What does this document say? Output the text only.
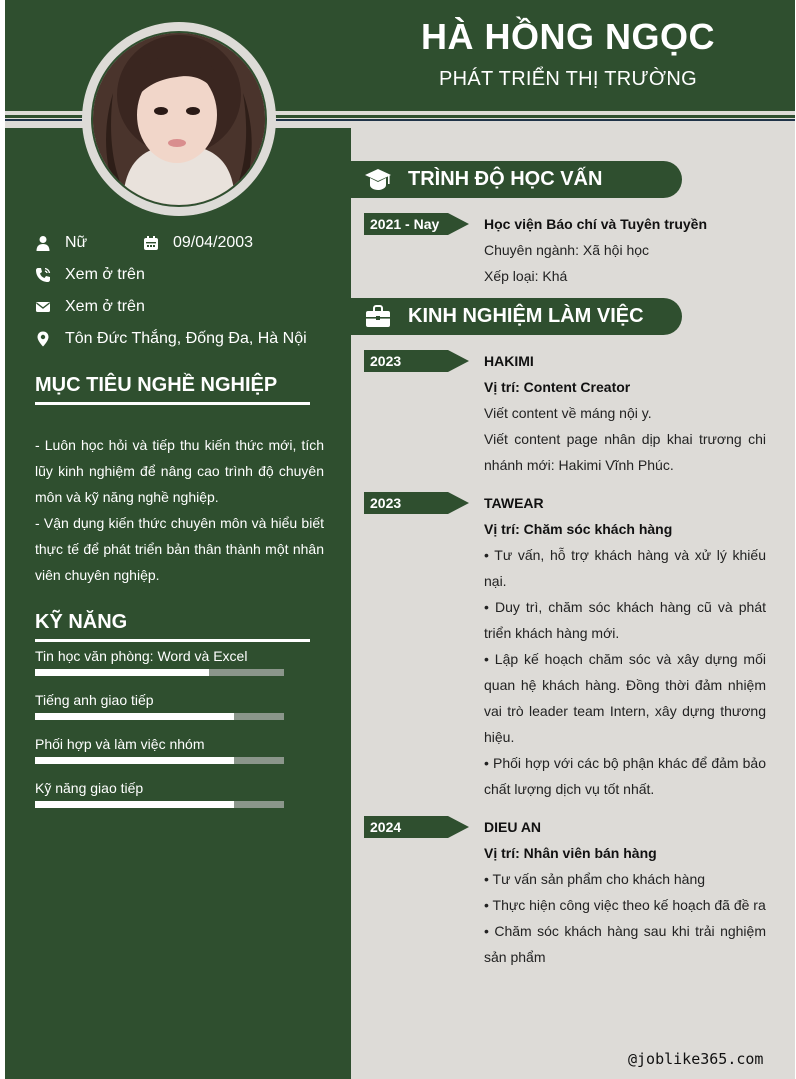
HÀ HỒNG NGỌC
PHÁT TRIỂN THỊ TRƯỜNG
Nữ	09/04/2003
Xem ở trên
Xem ở trên
Tôn Đức Thắng, Đống Đa, Hà Nội
MỤC TIÊU NGHỀ NGHIỆP

- Luôn học hỏi và tiếp thu kiến thức mới, tích lũy kinh nghiệm để nâng cao trình độ chuyên môn và kỹ năng nghề nghiệp.

- Vận dụng kiến thức chuyên môn và hiểu biết thực tế để phát triển bản thân thành một nhân viên chuyên nghiệp.

KỸ NĂNG
Tin học văn phòng: Word và Excel
Tiếng anh giao tiếp
Phối hợp và làm việc nhóm
Kỹ năng giao tiếp
TRÌNH ĐỘ HỌC VẤN
2021 - Nay	Học viện Báo chí và Tuyên truyền

Chuyên ngành: Xã hội học

Xếp loại: Khá

KINH NGHIỆM LÀM VIỆC
2023	HAKIMI
Vị trí: Content Creator

Viết content về máng nội y.

Viết content page nhân dịp khai trương chi nhánh mới: Hakimi Vĩnh Phúc.

2023	TAWEAR
Vị trí: Chăm sóc khách hàng

• Tư vấn, hỗ trợ khách hàng và xử lý khiếu nại.

• Duy trì, chăm sóc khách hàng cũ và phát triển khách hàng mới.

• Lập kế hoạch chăm sóc và xây dựng mối quan hệ khách hàng. Đồng thời đảm nhiệm vai trò leader team Intern, xây dựng thương hiệu.

• Phối hợp với các bộ phận khác để đảm bảo chất lượng dịch vụ tốt nhất.

2024	DIEU AN
Vị trí: Nhân viên bán hàng

• Tư vấn sản phẩm cho khách hàng

• Thực hiện công việc theo kế hoạch đã đề ra

• Chăm sóc khách hàng sau khi trải nghiệm sản phẩm

@joblike365.com
